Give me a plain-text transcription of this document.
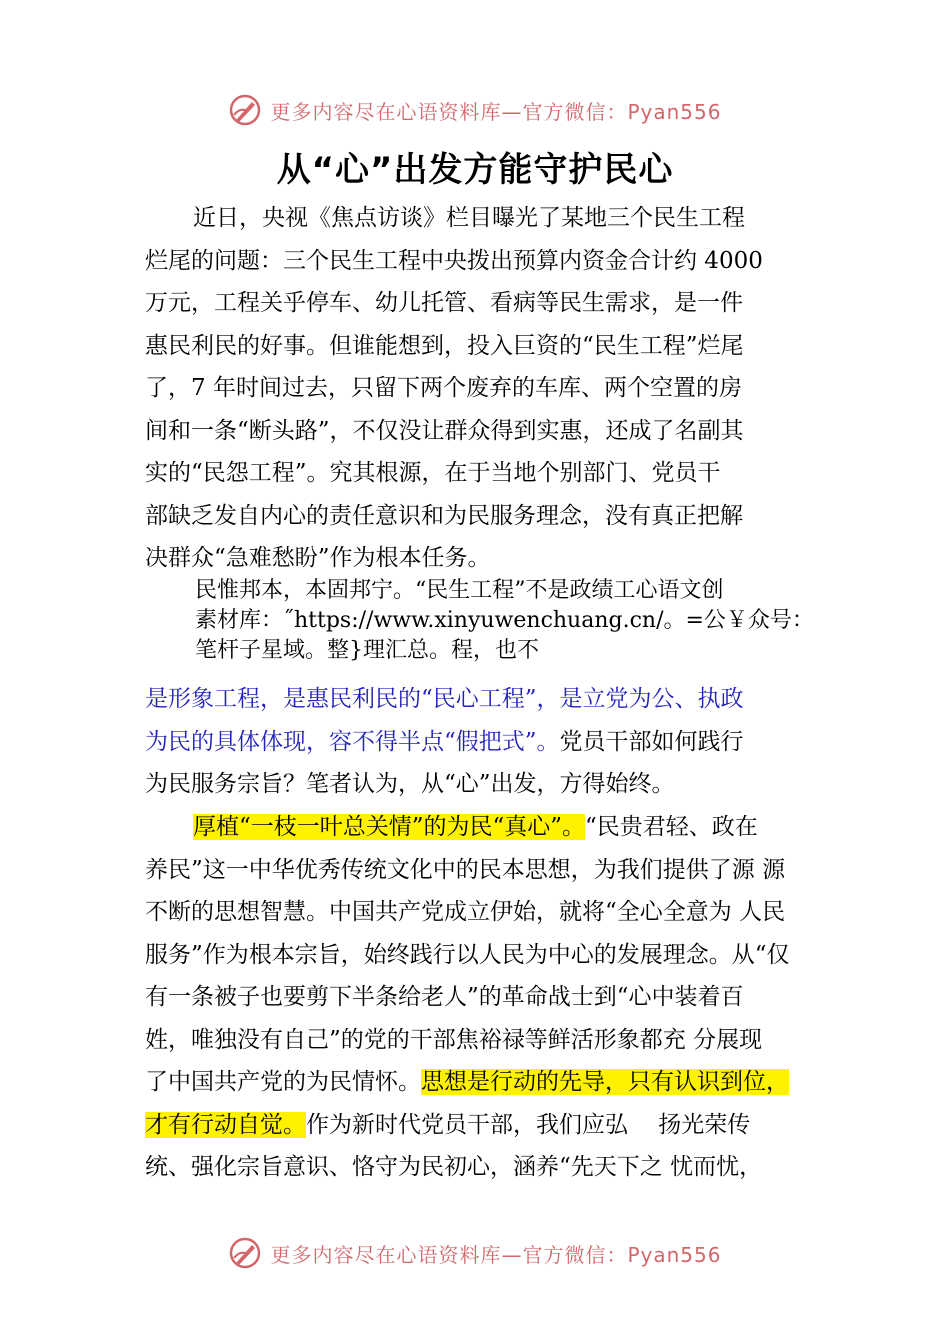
更多内容尽在心语资料库—官方微信：Pyan556
从“心”出发方能守护民心
近日，央视《焦点访谈》栏目曝光了某地三个民生工程
烂尾的问题：三个民生工程中央拨出预算内资金合计约 4000
万元，工程关乎停车、幼儿托管、看病等民生需求，是一件
惠民利民的好事。但谁能想到，投入巨资的“民生工程”烂尾
了，7 年时间过去，只留下两个废弃的车库、两个空置的房
间和一条“断头路”，不仅没让群众得到实惠，还成了名副其
实的“民怨工程”。究其根源，在于当地个别部门、党员干
部缺乏发自内心的责任意识和为民服务理念，没有真正把解
决群众“急难愁盼”作为根本任务。
民惟邦本，本固邦宁。“民生工程”不是政绩工心语文创
素材库：˝https://www.xinyuwenchuang.cn/。=公￥众号：
笔杆子星域。整}理汇总。程，也不
是形象工程，是惠民利民的“民心工程”，是立党为公、执政
为民的具体体现，容不得半点“假把式”。党员干部如何践行
为民服务宗旨？笔者认为，从“心”出发，方得始终。
厚植“一枝一叶总关情”的为民“真心”。“民贵君轻、政在
养民”这一中华优秀传统文化中的民本思想，为我们提供了源 源
不断的思想智慧。中国共产党成立伊始，就将“全心全意为 人民
服务”作为根本宗旨，始终践行以人民为中心的发展理念。从“仅
有一条被子也要剪下半条给老人”的革命战士到“心中装着百
姓，唯独没有自己”的党的干部焦裕禄等鲜活形象都充 分展现
了中国共产党的为民情怀。思想是行动的先导，只有认识到位，
才有行动自觉。作为新时代党员干部，我们应弘　 扬光荣传
统、强化宗旨意识、恪守为民初心，涵养“先天下之 忧而忧，
更多内容尽在心语资料库—官方微信：Pyan556
